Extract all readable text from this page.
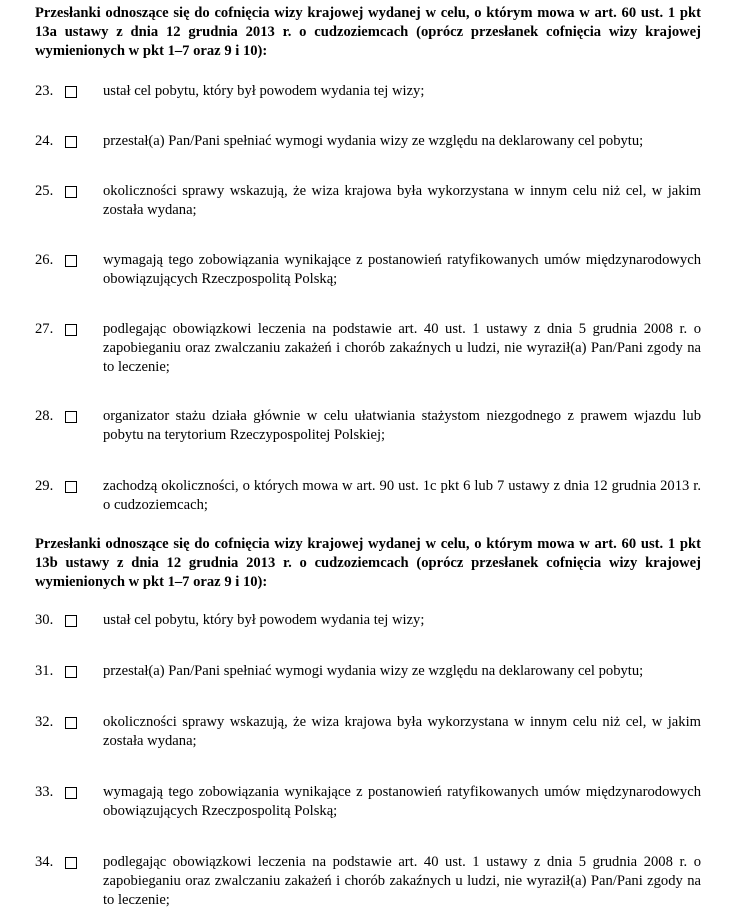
Przesłanki odnoszące się do cofnięcia wizy krajowej wydanej w celu, o którym mowa w art. 60 ust. 1 pkt 13a ustawy z dnia 12 grudnia 2013 r. o cudzoziemcach (oprócz przesłanek cofnięcia wizy krajowej wymienionych w pkt 1–7 oraz 9 i 10):

23.	ustał cel pobytu, który był powodem wydania tej wizy;
24.	przestał(a) Pan/Pani spełniać wymogi wydania wizy ze względu na deklarowany cel pobytu;
25.	okoliczności sprawy wskazują, że wiza krajowa była wykorzystana w innym celu niż cel, w jakim została wydana;
26.	wymagają tego zobowiązania wynikające z postanowień ratyfikowanych umów międzynarodowych obowiązujących Rzeczpospolitą Polską;
27.	podlegając obowiązkowi leczenia na podstawie art. 40 ust. 1 ustawy z dnia 5 grudnia 2008 r. o zapobieganiu oraz zwalczaniu zakażeń i chorób zakaźnych u ludzi, nie wyraził(a) Pan/Pani zgody na to leczenie;
28.	organizator stażu działa głównie w celu ułatwiania stażystom niezgodnego z prawem wjazdu lub pobytu na terytorium Rzeczypospolitej Polskiej;
29.	zachodzą okoliczności, o których mowa w art. 90 ust. 1c pkt 6 lub 7 ustawy z dnia 12 grudnia 2013 r. o cudzoziemcach;

Przesłanki odnoszące się do cofnięcia wizy krajowej wydanej w celu, o którym mowa w art. 60 ust. 1 pkt 13b ustawy z dnia 12 grudnia 2013 r. o cudzoziemcach (oprócz przesłanek cofnięcia wizy krajowej wymienionych w pkt 1–7 oraz 9 i 10):

30.	ustał cel pobytu, który był powodem wydania tej wizy;
31.	przestał(a) Pan/Pani spełniać wymogi wydania wizy ze względu na deklarowany cel pobytu;
32.	okoliczności sprawy wskazują, że wiza krajowa była wykorzystana w innym celu niż cel, w jakim została wydana;
33.	wymagają tego zobowiązania wynikające z postanowień ratyfikowanych umów międzynarodowych obowiązujących Rzeczpospolitą Polską;
34.	podlegając obowiązkowi leczenia na podstawie art. 40 ust. 1 ustawy z dnia 5 grudnia 2008 r. o zapobieganiu oraz zwalczaniu zakażeń i chorób zakaźnych u ludzi, nie wyraził(a) Pan/Pani zgody na to leczenie;
